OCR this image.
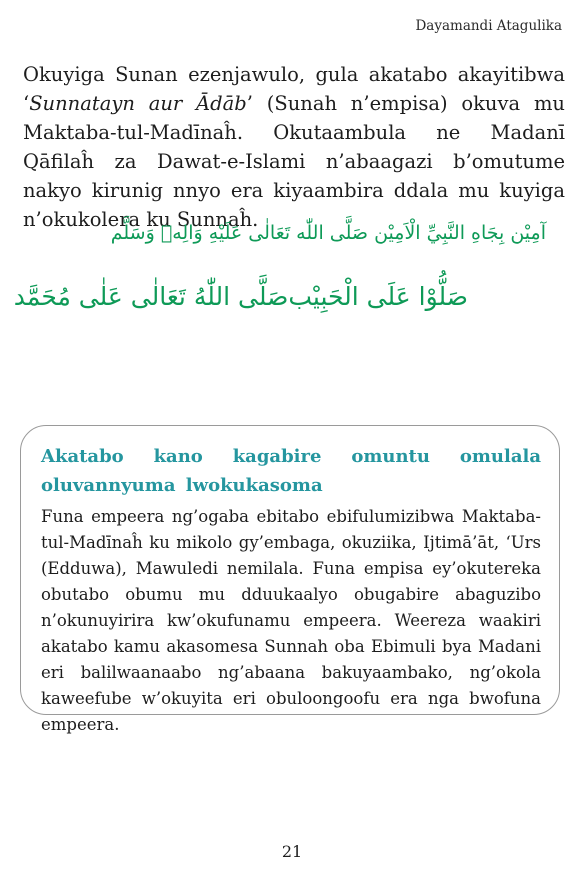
Dayamandi Atagulika

Okuyiga Sunan ezenjawulo, gula akatabo akayitibwa ‘Sunnatayn aur Ādāb’ (Sunah n’empisa) okuva mu Maktaba-tul-Madīnaĥ. Okutaambula ne Madanī Qāfilaĥ za Dawat-e-Islami n’abaagazi b’omutume nakyo kirunig nnyo era kiyaambira ddala mu kuyiga n’okukolera ku Sunnaĥ.

آمِيْن بِجَاهِ النَّبِيِّ الْاَمِيْن صَلَّى اللّٰه تَعَالٰى عَلَيْهِ وَالِهٖ وَسَلَّم
صَلُّوْا عَلَى الْحَبِيْب
صَلَّى اللّٰهُ تَعَالٰى عَلٰى مُحَمَّد

Akatabo kano kagabire omuntu omulala oluvannyuma lwokukasoma

Funa empeera ng’ogaba ebitabo ebifulumizibwa Maktaba-tul-Madīnaĥ ku mikolo gy’embaga, okuziika, Ijtimā’āt, ‘Urs (Edduwa), Mawuledi nemilala. Funa empisa ey’okutereka obutabo obumu mu dduukaalyo obugabire abaguzibo n’okunuyirira kw’okufunamu empeera. Weereza waakiri akatabo kamu akasomesa Sunnah oba Ebimuli bya Madani eri balilwaanaabo ng’abaana bakuyaambako, ng’okola kaweefube w’okuyita eri obuloongoofu era nga bwofuna empeera.

21
